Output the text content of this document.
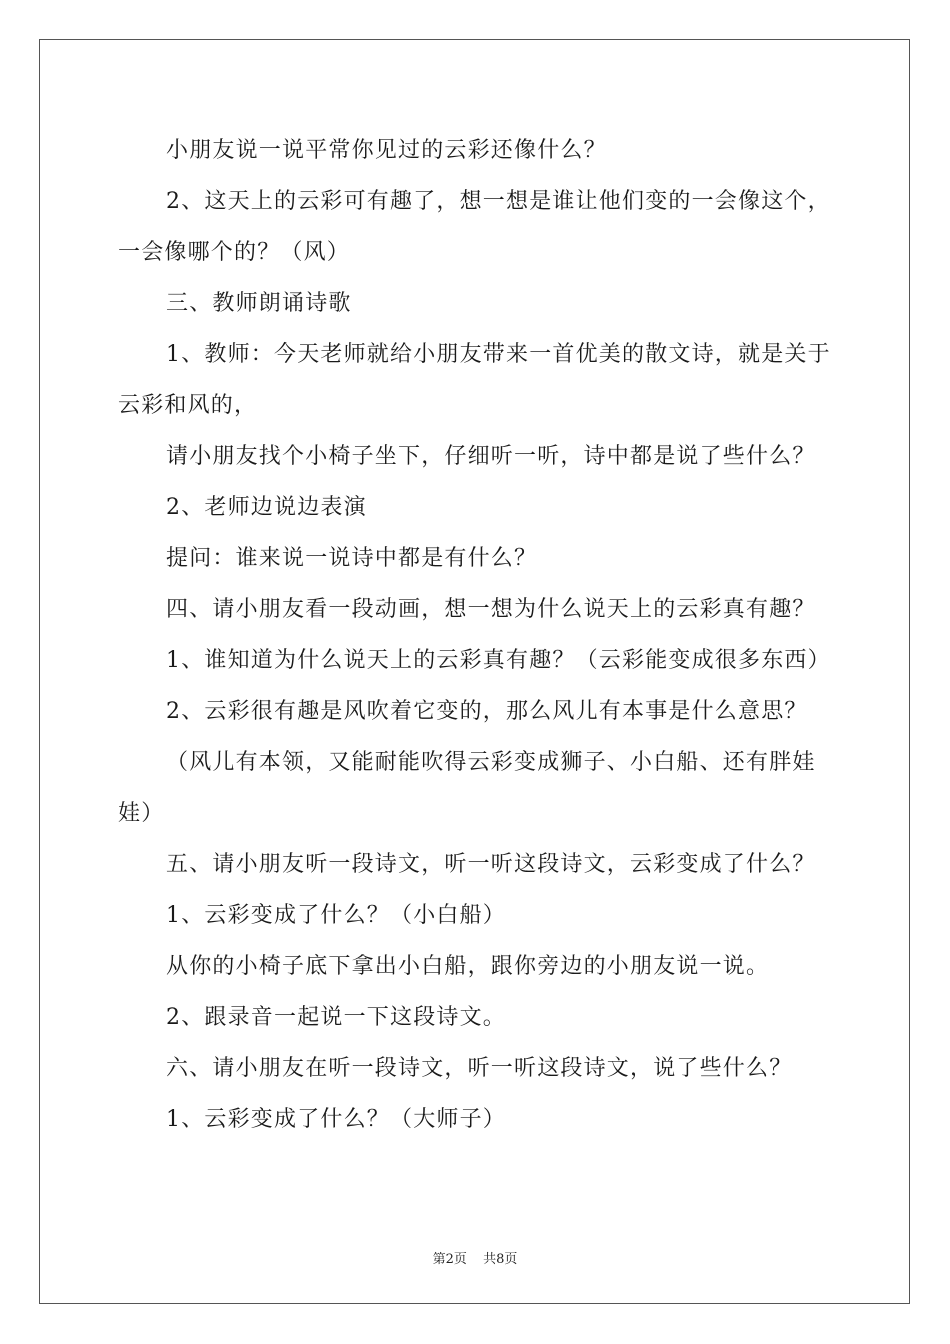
小朋友说一说平常你见过的云彩还像什么？

2、这天上的云彩可有趣了，想一想是谁让他们变的一会像这个，一会像哪个的？（风）

三、教师朗诵诗歌

1、教师：今天老师就给小朋友带来一首优美的散文诗，就是关于云彩和风的，

请小朋友找个小椅子坐下，仔细听一听，诗中都是说了些什么？

2、老师边说边表演

提问：谁来说一说诗中都是有什么？

四、请小朋友看一段动画，想一想为什么说天上的云彩真有趣？

1、谁知道为什么说天上的云彩真有趣？（云彩能变成很多东西）

2、云彩很有趣是风吹着它变的，那么风儿有本事是什么意思？

（风儿有本领，又能耐能吹得云彩变成狮子、小白船、还有胖娃娃）

五、请小朋友听一段诗文，听一听这段诗文，云彩变成了什么？

1、云彩变成了什么？（小白船）

从你的小椅子底下拿出小白船，跟你旁边的小朋友说一说。

2、跟录音一起说一下这段诗文。

六、请小朋友在听一段诗文，听一听这段诗文，说了些什么？

1、云彩变成了什么？（大师子）

第2页 共8页
